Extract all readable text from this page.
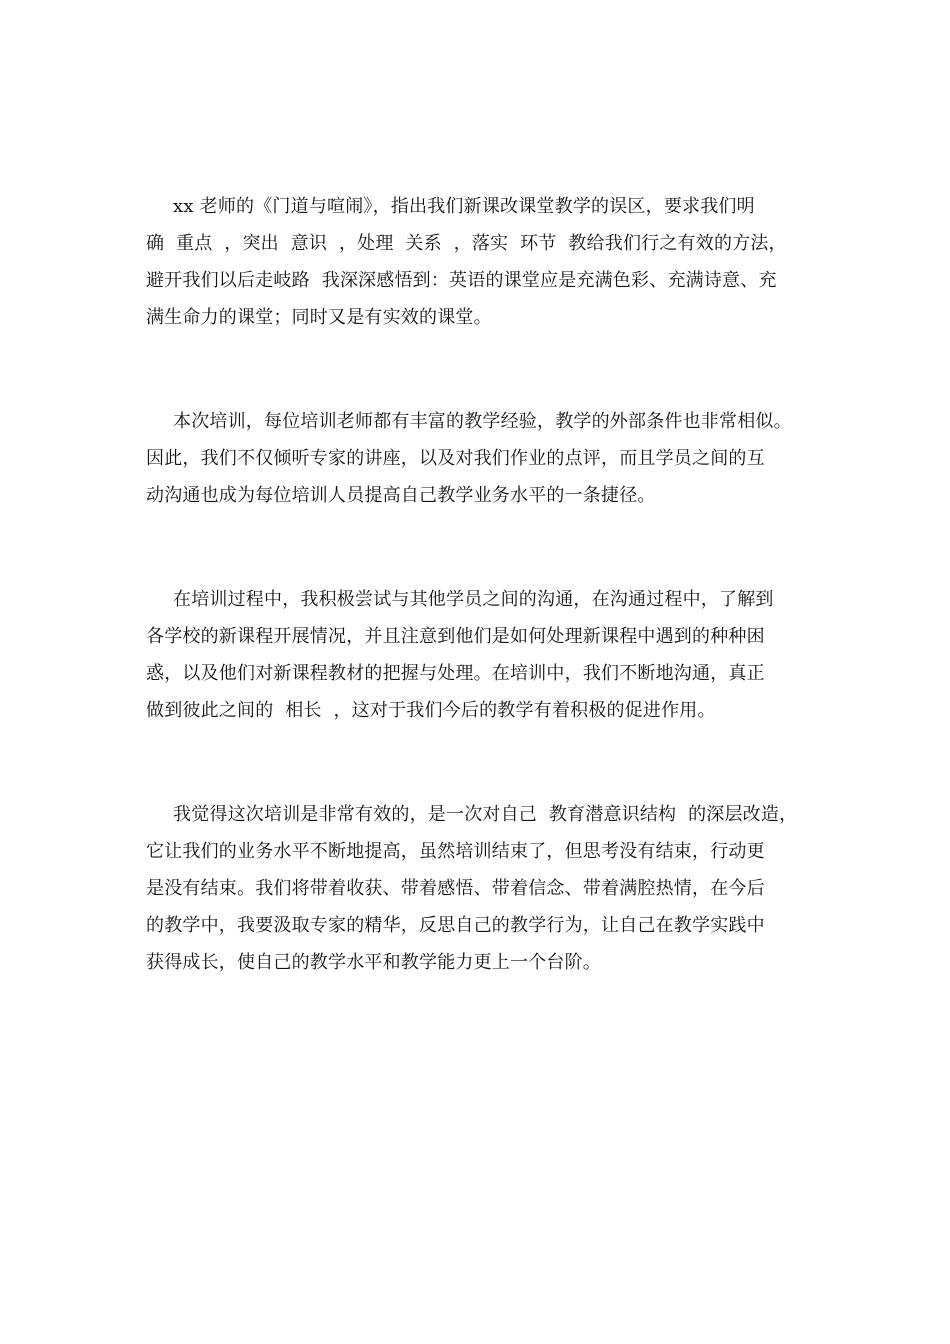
xx 老师的《门道与喧闹》，指出我们新课改课堂教学的误区，要求我们明
确  重点  ，突出  意识  ，处理  关系  ，落实  环节  教给我们行之有效的方法，
避开我们以后走岐路  我深深感悟到：英语的课堂应是充满色彩、充满诗意、充
满生命力的课堂；同时又是有实效的课堂。
本次培训，每位培训老师都有丰富的教学经验，教学的外部条件也非常相似。
因此，我们不仅倾听专家的讲座，以及对我们作业的点评，而且学员之间的互
动沟通也成为每位培训人员提高自己教学业务水平的一条捷径。
在培训过程中，我积极尝试与其他学员之间的沟通，在沟通过程中，了解到
各学校的新课程开展情况，并且注意到他们是如何处理新课程中遇到的种种困
惑，以及他们对新课程教材的把握与处理。在培训中，我们不断地沟通，真正
做到彼此之间的  相长  ，这对于我们今后的教学有着积极的促进作用。
我觉得这次培训是非常有效的，是一次对自己  教育潜意识结构  的深层改造，
它让我们的业务水平不断地提高，虽然培训结束了，但思考没有结束，行动更
是没有结束。我们将带着收获、带着感悟、带着信念、带着满腔热情，在今后
的教学中，我要汲取专家的精华，反思自己的教学行为，让自己在教学实践中
获得成长，使自己的教学水平和教学能力更上一个台阶。
